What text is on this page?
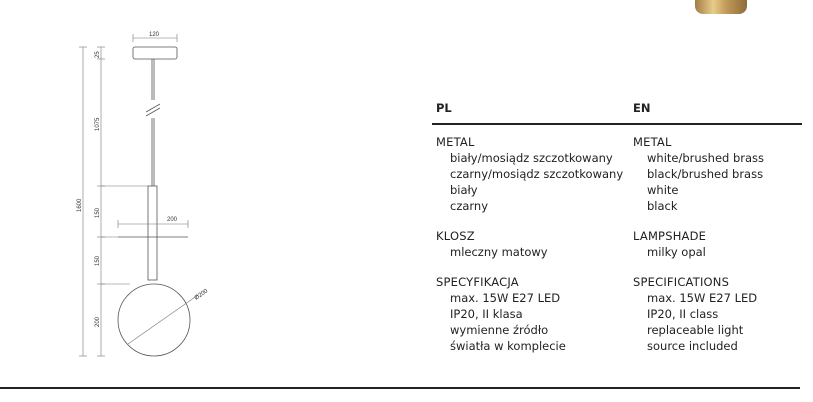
120
200
Ø200
1600
25
1075
150
150
200
PL
METAL
biały/mosiądz szczotkowany
czarny/mosiądz szczotkowany
biały
czarny
KLOSZ
mleczny matowy
SPECYFIKACJA
max. 15W E27 LED
IP20, II klasa
wymienne źródło
światła w komplecie
EN
METAL
white/brushed brass
black/brushed brass
white
black
LAMPSHADE
milky opal
SPECIFICATIONS
max. 15W E27 LED
IP20, II class
replaceable light
source included
